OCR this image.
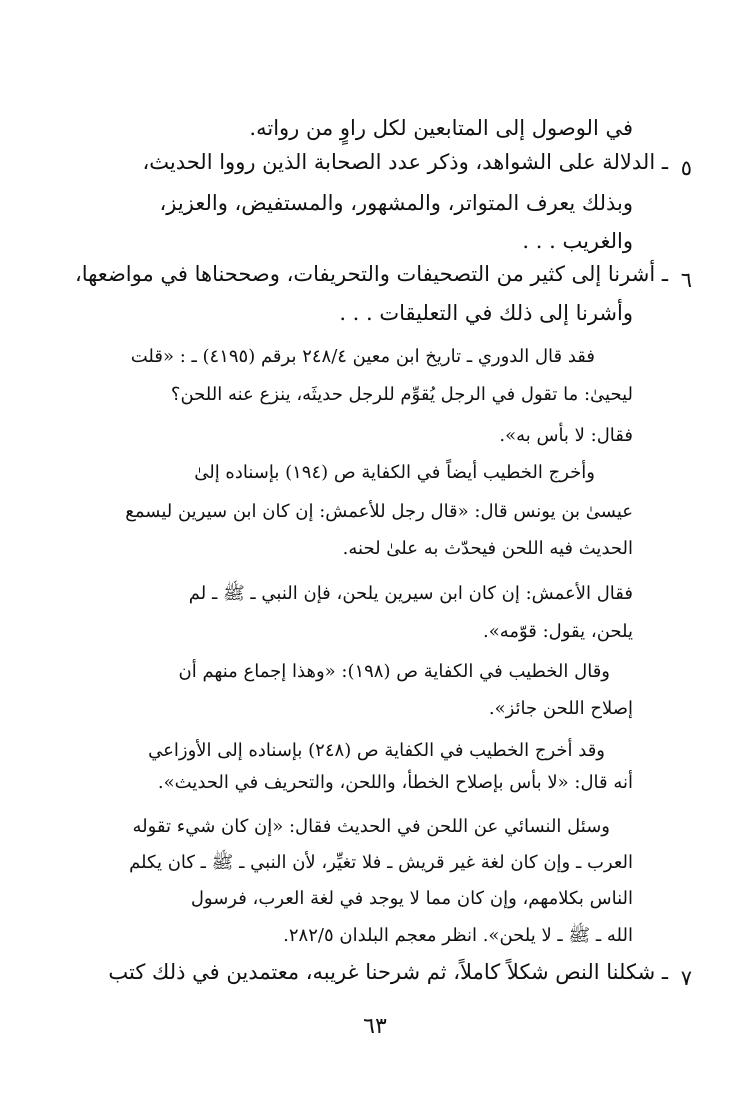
في الوصول إلى المتابعين لكل راوٍ من رواته.
٥
ـ الدلالة على الشواهد، وذكر عدد الصحابة الذين رووا الحديث،
وبذلك يعرف المتواتر، والمشهور، والمستفيض، والعزيز،
والغريب . . .
٦
ـ أشرنا إلى كثير من التصحيفات والتحريفات، وصححناها في مواضعها،
وأشرنا إلى ذلك في التعليقات . . .
فقد قال الدوري ـ تاريخ ابن معين ٢٤٨/٤ برقم (٤١٩٥) ـ : «قلت
ليحيىٰ: ما تقول في الرجل يُقوِّم للرجل حديثَه، ينزع عنه اللحن؟
فقال: لا بأس به».
وأخرج الخطيب أيضاً في الكفاية ص (١٩٤) بإسناده إلىٰ
عيسىٰ بن يونس قال: «قال رجل للأعمش: إن كان ابن سيرين ليسمع
الحديث فيه اللحن فيحدّث به علىٰ لحنه.
فقال الأعمش: إن كان ابن سيرين يلحن، فإن النبي ـ ﷺ ـ لم
يلحن، يقول: قوّمه».
وقال الخطيب في الكفاية ص (١٩٨): «وهذا إجماع منهم أن
إصلاح اللحن جائز».
وقد أخرج الخطيب في الكفاية ص (٢٤٨) بإسناده إلى الأوزاعي
أنه قال: «لا بأس بإصلاح الخطأ، واللحن، والتحريف في الحديث».
وسئل النسائي عن اللحن في الحديث فقال: «إن كان شيء تقوله
العرب ـ وإن كان لغة غير قريش ـ فلا تغيِّر، لأن النبي ـ ﷺ ـ كان يكلم
الناس بكلامهم، وإن كان مما لا يوجد في لغة العرب، فرسول
الله ـ ﷺ ـ لا يلحن». انظر معجم البلدان ٢٨٢/٥.
٧
ـ شكلنا النص شكلاً كاملاً، ثم شرحنا غريبه، معتمدين في ذلك كتب
٦٣
